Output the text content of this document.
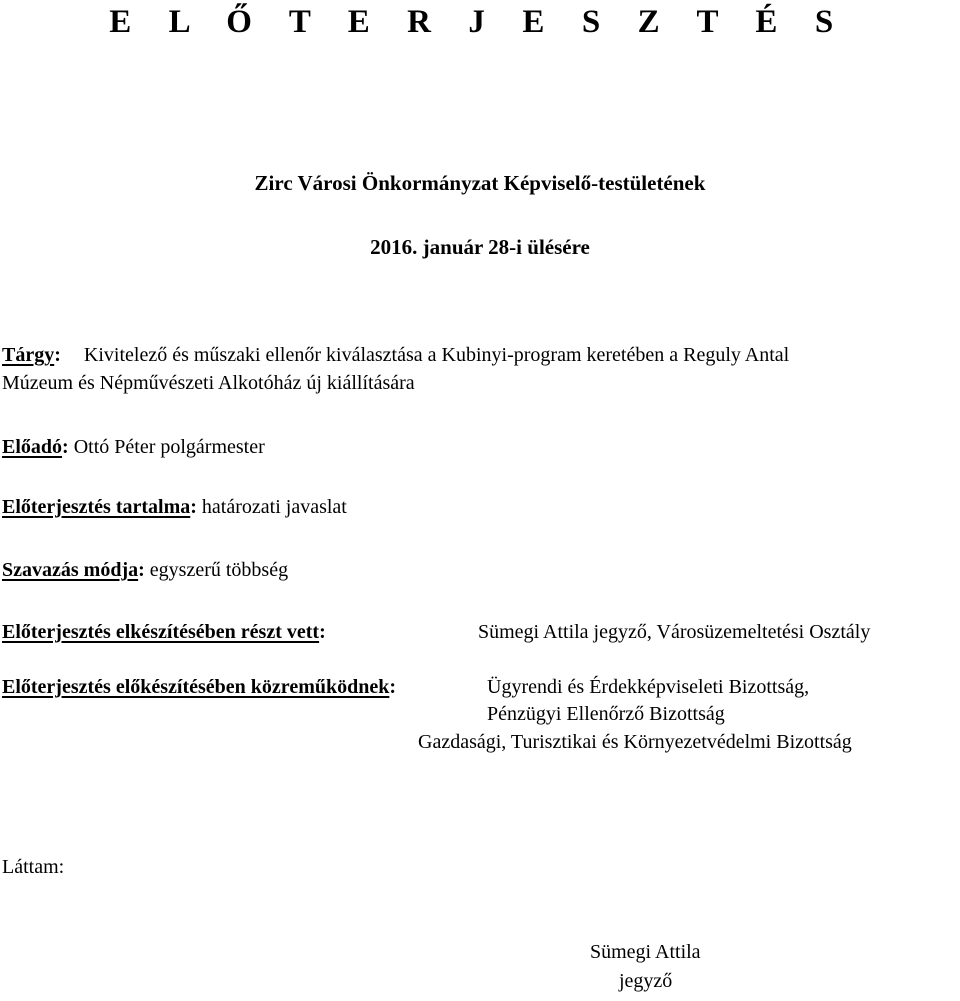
E L Ő T E R J E S Z T É S
Zirc Városi Önkormányzat Képviselő-testületének
2016. január 28-i ülésére
Tárgy: Kivitelező és műszaki ellenőr kiválasztása a Kubinyi-program keretében a Reguly Antal
Múzeum és Népművészeti Alkotóház új kiállítására
Előadó: Ottó Péter polgármester
Előterjesztés tartalma: határozati javaslat
Szavazás módja: egyszerű többség
Előterjesztés elkészítésében részt vett:	Sümegi Attila jegyző, Városüzemeltetési Osztály
Előterjesztés előkészítésében közreműködnek:	Ügyrendi és Érdekképviseleti Bizottság,
Pénzügyi Ellenőrző Bizottság
Gazdasági, Turisztikai és Környezetvédelmi Bizottság
Láttam:
Sümegi Attila
jegyző
